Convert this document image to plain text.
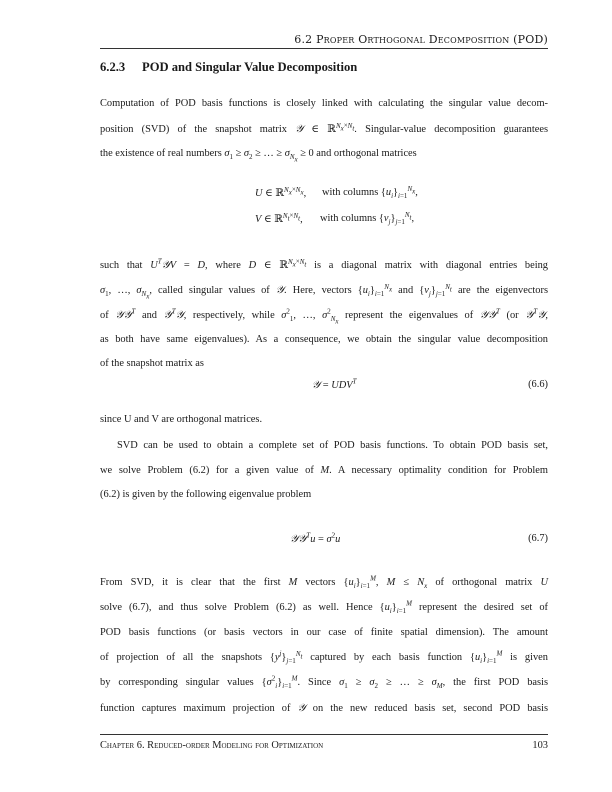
6.2 Proper Orthogonal Decomposition (POD)
6.2.3 POD and Singular Value Decomposition
Computation of POD basis functions is closely linked with calculating the singular value decom-
position (SVD) of the snapshot matrix 𝒴 ∈ ℝ$^{N_x\times N_t}$. Singular-value decomposition guarantees
the existence of real numbers $\sigma_1 \ge \sigma_2$ ≥ … ≥ $\sigma_{N_x} \ge 0$ and orthogonal matrices
U ∈ ℝ$^{N_x\times N_x}$, with columns $\{u_i\}_{i=1}^{N_x}$,
V ∈ ℝ$^{N_t\times N_t}$, with columns $\{v_j\}_{j=1}^{N_t}$,
such that $U^T𝒴V = D$, where D ∈ ℝ$^{N_x\times N_t}$ is a diagonal matrix with diagonal entries being
$\sigma_1$, …, $\sigma_{N_x}$, called singular values of 𝒴. Here, vectors $\{u_i\}_{i=1}^{N_x}$ and $\{v_j\}_{j=1}^{N_t}$ are the eigenvectors
of 𝒴𝒴$^T$ and 𝒴$^T$𝒴, respectively, while $\sigma^2_1$, …, $\sigma^2_{N_x}$ represent the eigenvalues of 𝒴𝒴$^T$ (or 𝒴$^T$𝒴,
as both have same eigenvalues). As a consequence, we obtain the singular value decomposition
of the snapshot matrix as
𝒴 = $UDV^T$	(6.6)
since U and V are orthogonal matrices.
SVD can be used to obtain a complete set of POD basis functions. To obtain POD basis set,
we solve Problem (6.2) for a given value of M. A necessary optimality condition for Problem
(6.2) is given by the following eigenvalue problem
𝒴𝒴$^T$u = $\sigma^2u$	(6.7)
From SVD, it is clear that the first M vectors $\{u_i\}_{i=1}^M$, $M \le N_x$ of orthogonal matrix U
solve (6.7), and thus solve Problem (6.2) as well. Hence $\{u_i\}_{i=1}^M$ represent the desired set of
POD basis functions (or basis vectors in our case of finite spatial dimension). The amount
of projection of all the snapshots $\{y^j\}_{j=1}^{N_t}$ captured by each basis function $\{u_i\}_{i=1}^M$ is given
by corresponding singular values $\{\sigma^2_i\}_{i=1}^M$. Since $\sigma_1 \ge \sigma_2$ ≥ … ≥ $\sigma_M$, the first POD basis
function captures maximum projection of 𝒴 on the new reduced basis set, second POD basis
Chapter 6. Reduced-order Modeling for Optimization	103
